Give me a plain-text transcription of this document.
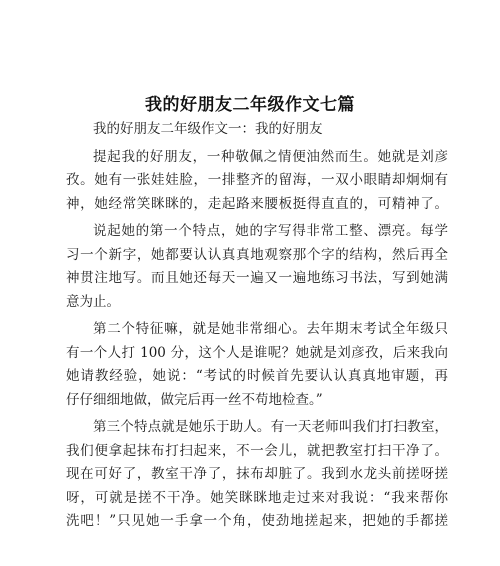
我的好朋友二年级作文七篇

我的好朋友二年级作文一：我的好朋友

提起我的好朋友，一种敬佩之情便油然而生。她就是刘彦
孜。她有一张娃娃脸，一排整齐的留海，一双小眼睛却炯炯有
神，她经常笑眯眯的，走起路来腰板挺得直直的，可精神了。

说起她的第一个特点，她的字写得非常工整、漂亮。每学
习一个新字，她都要认认真真地观察那个字的结构，然后再全
神贯注地写。而且她还每天一遍又一遍地练习书法，写到她满
意为止。

第二个特征嘛，就是她非常细心。去年期末考试全年级只
有一个人打 100 分，这个人是谁呢？她就是刘彦孜，后来我向
她请教经验，她说：“考试的时候首先要认认真真地审题，再
仔仔细细地做，做完后再一丝不苟地检查。”

第三个特点就是她乐于助人。有一天老师叫我们打扫教室，
我们便拿起抹布打扫起来，不一会儿，就把教室打扫干净了。
现在可好了，教室干净了，抹布却脏了。我到水龙头前搓呀搓
呀，可就是搓不干净。她笑眯眯地走过来对我说：“我来帮你
洗吧！”只见她一手拿一个角，使劲地搓起来，把她的手都搓
